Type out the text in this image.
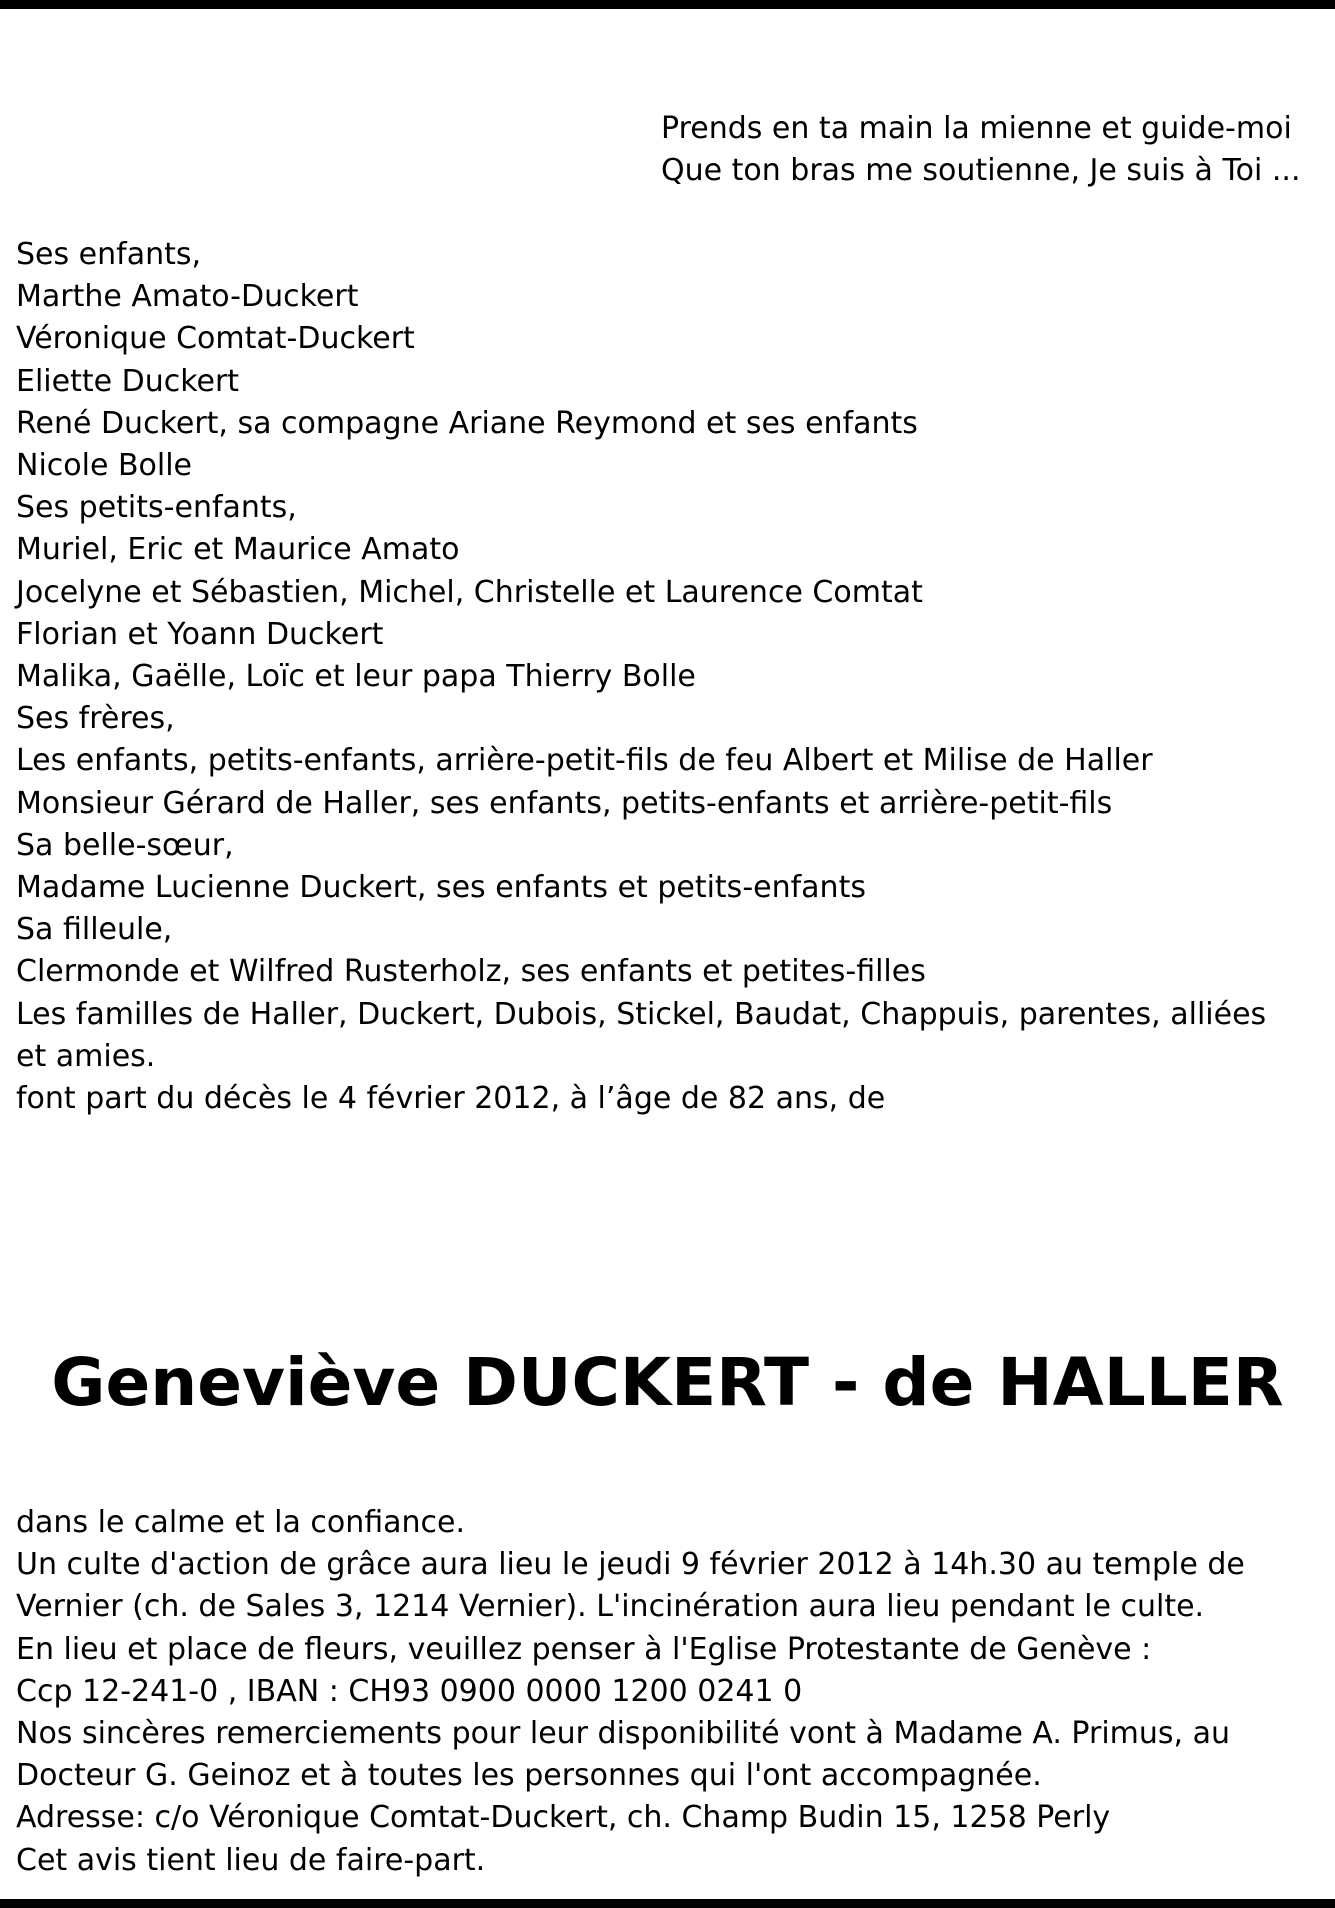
Prends en ta main la mienne et guide-moi
Que ton bras me soutienne, Je suis à Toi ...
Ses enfants,
Marthe Amato-Duckert
Véronique Comtat-Duckert
Eliette Duckert
René Duckert, sa compagne Ariane Reymond et ses enfants
Nicole Bolle
Ses petits-enfants,
Muriel, Eric et Maurice Amato
Jocelyne et Sébastien, Michel, Christelle et Laurence Comtat
Florian et Yoann Duckert
Malika, Gaëlle, Loïc et leur papa Thierry Bolle
Ses frères,
Les enfants, petits-enfants, arrière-petit-fils de feu Albert et Milise de Haller
Monsieur Gérard de Haller, ses enfants, petits-enfants et arrière-petit-fils
Sa belle-sœur,
Madame Lucienne Duckert, ses enfants et petits-enfants
Sa filleule,
Clermonde et Wilfred Rusterholz, ses enfants et petites-filles
Les familles de Haller, Duckert, Dubois, Stickel, Baudat, Chappuis, parentes, alliées
et amies.
font part du décès le 4 février 2012, à l’âge de 82 ans, de
Geneviève DUCKERT - de HALLER
dans le calme et la confiance.
Un culte d'action de grâce aura lieu le jeudi 9 février 2012 à 14h.30 au temple de
Vernier (ch. de Sales 3, 1214 Vernier). L'incinération aura lieu pendant le culte.
En lieu et place de fleurs, veuillez penser à l'Eglise Protestante de Genève :
Ccp 12-241-0 , IBAN : CH93 0900 0000 1200 0241 0
Nos sincères remerciements pour leur disponibilité vont à Madame A. Primus, au
Docteur G. Geinoz et à toutes les personnes qui l'ont accompagnée.
Adresse: c/o Véronique Comtat-Duckert, ch. Champ Budin 15, 1258 Perly
Cet avis tient lieu de faire-part.
